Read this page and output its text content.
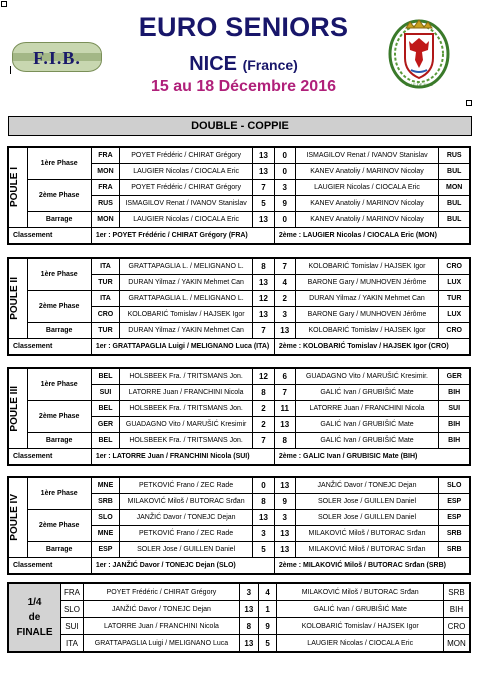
F.I.B.
EURO SENIORS
NICE (France)
15 au 18 Décembre 2016	VILLE DE NICE
DOUBLE - COPPIE
POULE I	1ère Phase	FRA	POYET Frédéric / CHIRAT Grégory	13	0	ISMAGILOV Renat / IVANOV Stanislav	RUS
		MON	LAUGIER Nicolas / CIOCALA Eric	13	0	KANEV Anatoliy / MARINOV Nicolay	BUL
	2ème Phase	FRA	POYET Frédéric / CHIRAT Grégory	7	3	LAUGIER Nicolas / CIOCALA Eric	MON
		RUS	ISMAGILOV Renat / IVANOV Stanislav	5	9	KANEV Anatoliy / MARINOV Nicolay	BUL
	Barrage	MON	LAUGIER Nicolas / CIOCALA Eric	13	0	KANEV Anatoliy / MARINOV Nicolay	BUL
Classement		1er : POYET Frédéric / CHIRAT Grégory (FRA)			2ème : LAUGIER Nicolas / CIOCALA Eric (MON)		
POULE II	1ère Phase	ITA	GRATTAPAGLIA L. / MELIGNANO L.	8	7	KOLOBARIĆ Tomislav / HAJSEK Igor	CRO
		TUR	DURAN Yilmaz / YAKIN Mehmet Can	13	4	BARONE Gary / MUNHOVEN Jérôme	LUX
	2ème Phase	ITA	GRATTAPAGLIA L. / MELIGNANO L.	12	2	DURAN Yilmaz / YAKIN Mehmet Can	TUR
		CRO	KOLOBARIĆ Tomislav / HAJSEK Igor	13	3	BARONE Gary / MUNHOVEN Jérôme	LUX
	Barrage	TUR	DURAN Yilmaz / YAKIN Mehmet Can	7	13	KOLOBARIĆ Tomislav / HAJSEK Igor	CRO
Classement		1er : GRATTAPAGLIA Luigi / MELIGNANO Luca (ITA)			2ème : KOLOBARIĆ Tomislav / HAJSEK Igor (CRO)		
POULE III	1ère Phase	BEL	HOLSBEEK Fra. / TRITSMANS Jon.	12	6	GUADAGNO Vito / MARUŠIĆ Kresimir.	GER
		SUI	LATORRE Juan / FRANCHINI Nicola	8	7	GALIĆ Ivan / GRUBIŠIĆ Mate	BIH
	2ème Phase	BEL	HOLSBEEK Fra. / TRITSMANS Jon.	2	11	LATORRE Juan / FRANCHINI Nicola	SUI
		GER	GUADAGNO Vito / MARUŠIĆ Kresimir	2	13	GALIĆ Ivan / GRUBIŠIĆ Mate	BIH
	Barrage	BEL	HOLSBEEK Fra. / TRITSMANS Jon.	7	8	GALIĆ Ivan / GRUBIŠIĆ Mate	BIH
Classement		1er : LATORRE Juan / FRANCHINI Nicola (SUI)			2ème : GALIC Ivan / GRUBISIC Mate (BIH)		
POULE IV	1ère Phase	MNE	PETKOVIĆ Frano / ZEC Rade	0	13	JANŽIĆ Davor / TONEJC Dejan	SLO
		SRB	MILAKOVIĆ Miloš / BUTORAC Srđan	8	9	SOLER Jose / GUILLEN Daniel	ESP
	2ème Phase	SLO	JANŽIĆ Davor / TONEJC Dejan	13	3	SOLER Jose / GUILLEN Daniel	ESP
		MNE	PETKOVIĆ Frano / ZEC Rade	3	13	MILAKOVIĆ Miloš / BUTORAC Srđan	SRB
	Barrage	ESP	SOLER Jose / GUILLEN Daniel	5	13	MILAKOVIĆ Miloš / BUTORAC Srđan	SRB
Classement		1er : JANŽIĆ Davor / TONEJC Dejan (SLO)			2ème : MILAKOVIĆ Miloš / BUTORAC Srđan (SRB)		
1/4
de
FINALE	FRA	POYET Frédéric / CHIRAT Grégory	3	4	MILAKOVIĆ Miloš / BUTORAC Srđan	SRB
	SLO	JANŽIĆ Davor / TONEJC Dejan	13	1	GALIĆ Ivan / GRUBIŠIĆ Mate	BIH
	SUI	LATORRE Juan / FRANCHINI Nicola	8	9	KOLOBARIĆ Tomislav / HAJSEK Igor	CRO
	ITA	GRATTAPAGLIA Luigi / MELIGNANO Luca	13	5	LAUGIER Nicolas / CIOCALA Eric	MON
